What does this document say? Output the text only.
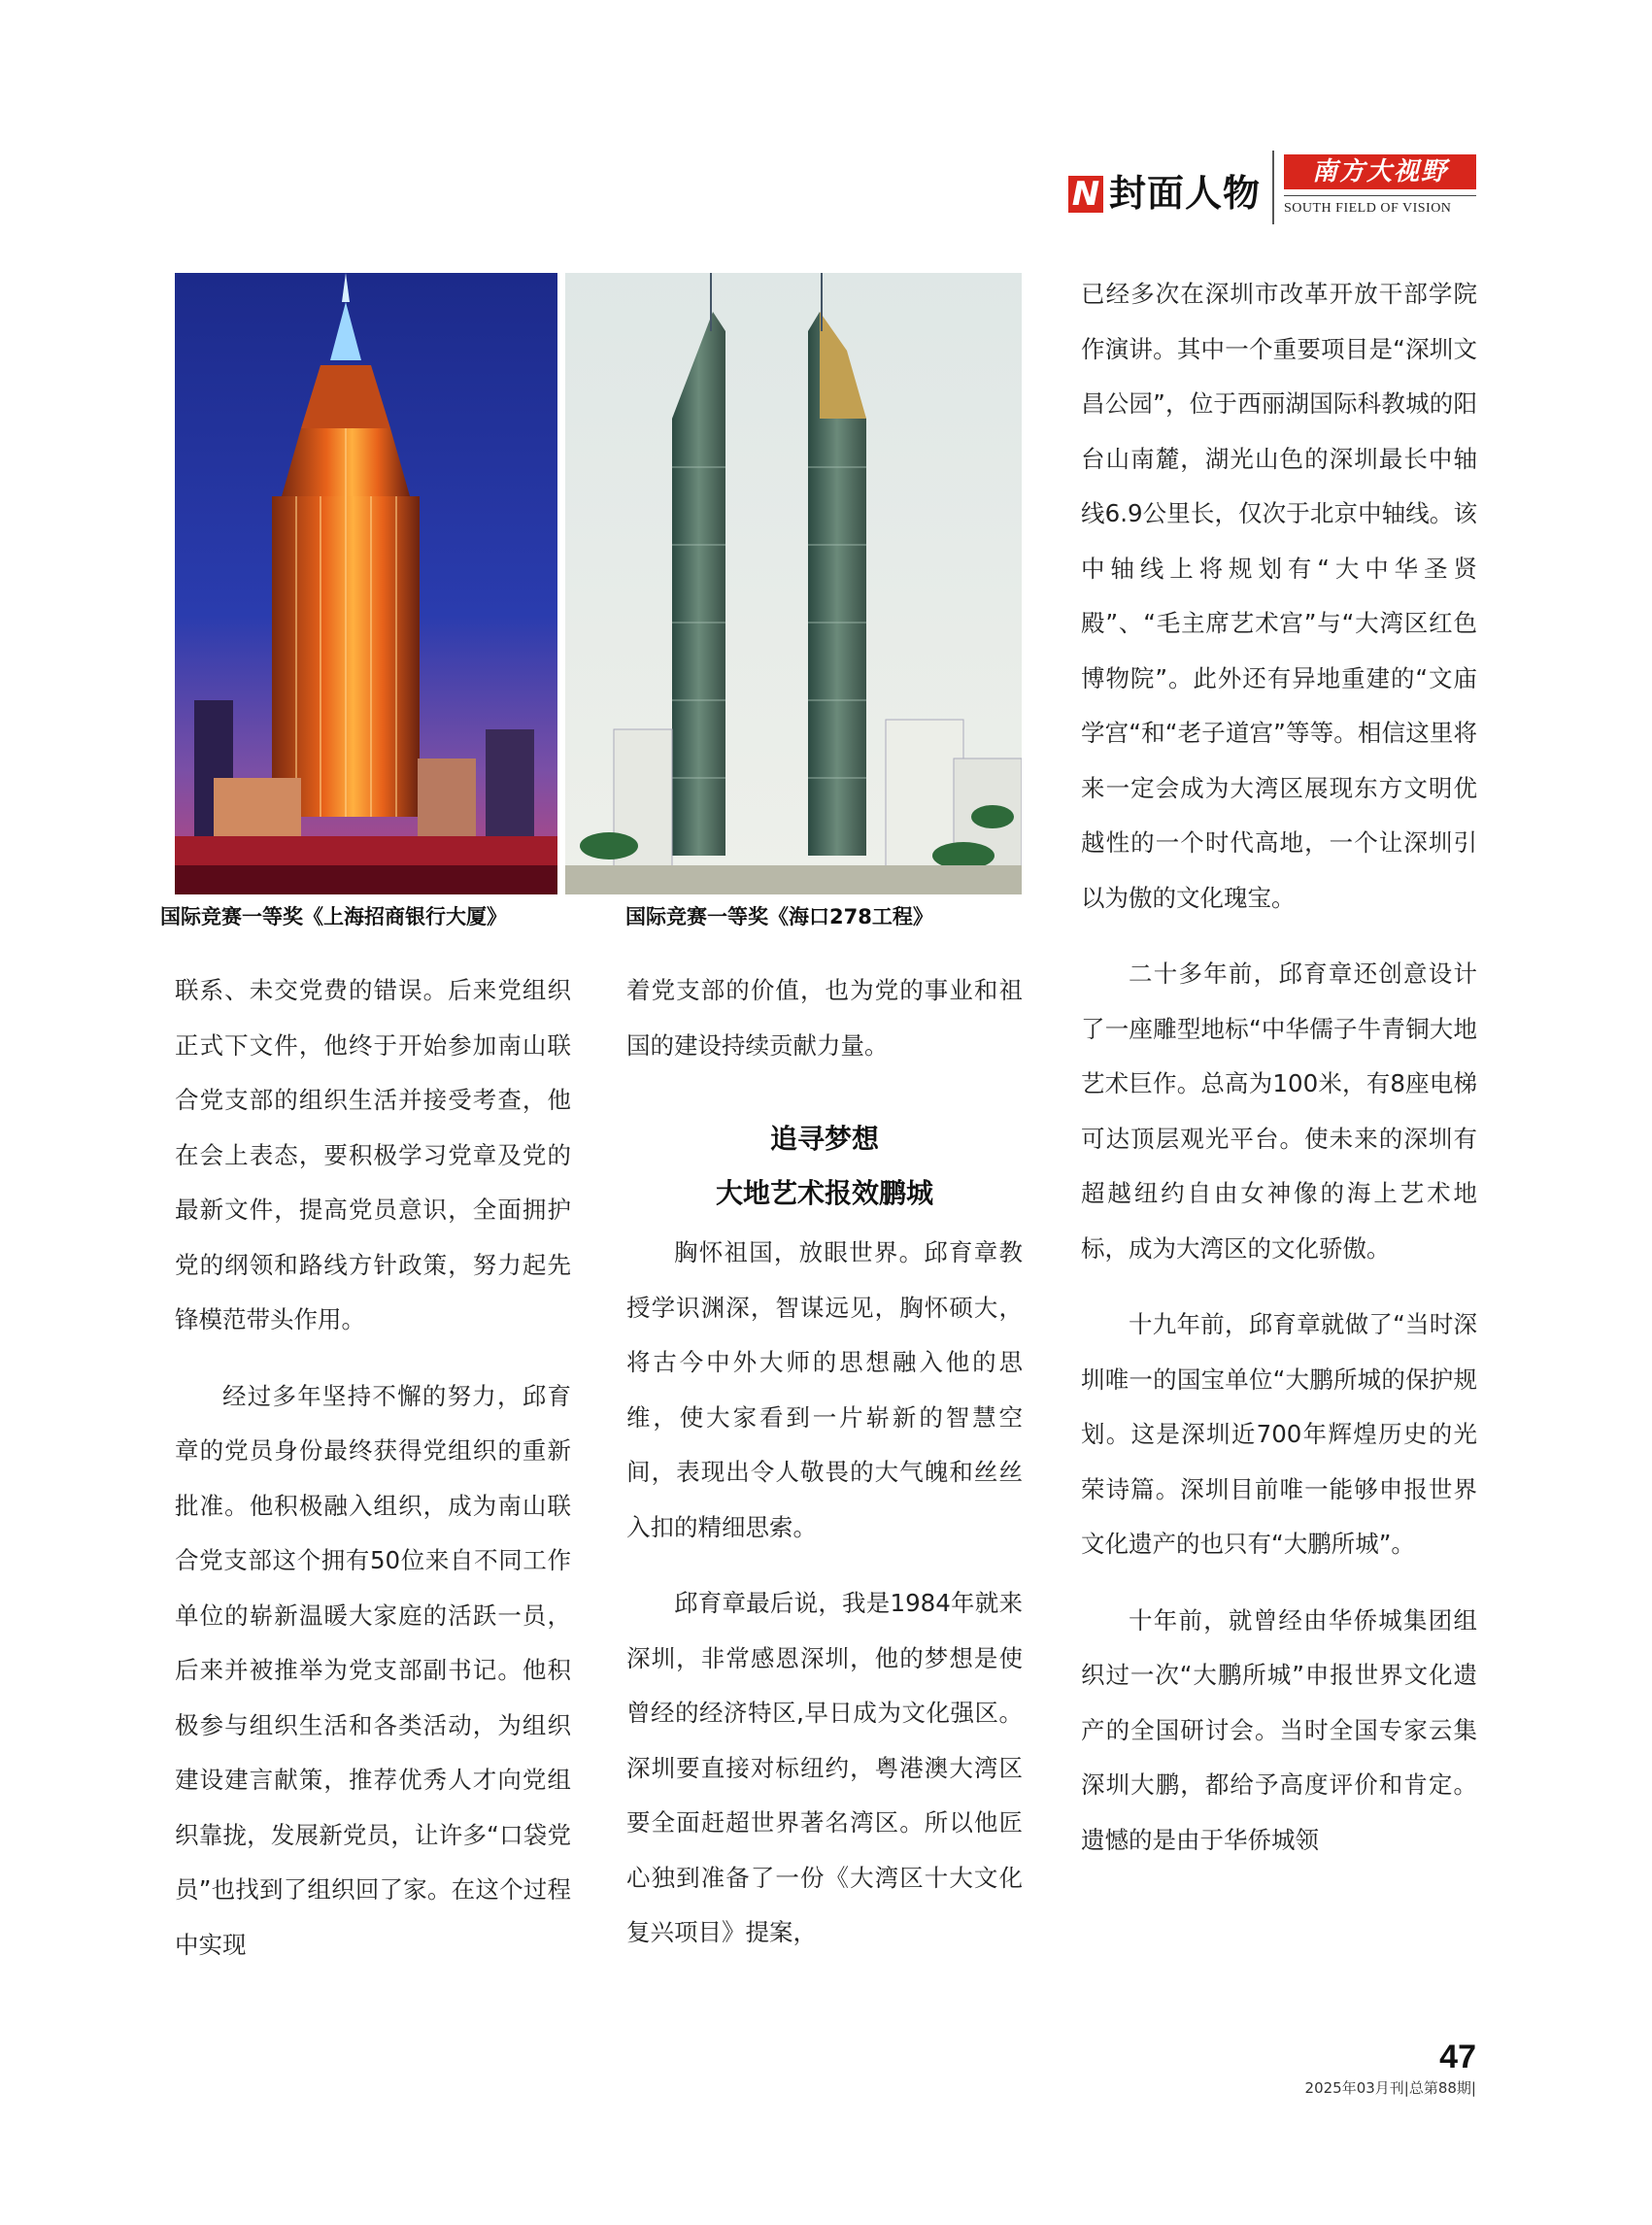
N 封面人物	南方大视野
SOUTH FIELD OF VISION
国际竞赛一等奖《上海招商银行大厦》	国际竞赛一等奖《海口278工程》

联系、未交党费的错误。后来党组织正式下文件，他终于开始参加南山联合党支部的组织生活并接受考查，他在会上表态，要积极学习党章及党的最新文件，提高党员意识，全面拥护党的纲领和路线方针政策，努力起先锋模范带头作用。

经过多年坚持不懈的努力，邱育章的党员身份最终获得党组织的重新批准。他积极融入组织，成为南山联合党支部这个拥有50位来自不同工作单位的崭新温暖大家庭的活跃一员，后来并被推举为党支部副书记。他积极参与组织生活和各类活动，为组织建设建言献策，推荐优秀人才向党组织靠拢，发展新党员，让许多“口袋党员”也找到了组织回了家。在这个过程中实现

着党支部的价值，也为党的事业和祖国的建设持续贡献力量。

追寻梦想
大地艺术报效鹏城

胸怀祖国，放眼世界。邱育章教授学识渊深，智谋远见，胸怀硕大，将古今中外大师的思想融入他的思维，使大家看到一片崭新的智慧空间，表现出令人敬畏的大气魄和丝丝入扣的精细思索。

邱育章最后说，我是1984年就来深圳，非常感恩深圳，他的梦想是使曾经的经济特区,早日成为文化强区。深圳要直接对标纽约，粤港澳大湾区要全面赶超世界著名湾区。所以他匠心独到准备了一份《大湾区十大文化复兴项目》提案，

已经多次在深圳市改革开放干部学院作演讲。其中一个重要项目是“深圳文昌公园”，位于西丽湖国际科教城的阳台山南麓，湖光山色的深圳最长中轴线6.9公里长，仅次于北京中轴线。该中轴线上将规划有“大中华圣贤殿”、“毛主席艺术宫”与“大湾区红色博物院”。此外还有异地重建的“文庙学宫“和“老子道宫”等等。相信这里将来一定会成为大湾区展现东方文明优越性的一个时代高地，一个让深圳引以为傲的文化瑰宝。

二十多年前，邱育章还创意设计了一座雕型地标“中华儒子牛青铜大地艺术巨作。总高为100米，有8座电梯可达顶层观光平台。使未来的深圳有超越纽约自由女神像的海上艺术地标，成为大湾区的文化骄傲。

十九年前，邱育章就做了“当时深圳唯一的国宝单位“大鹏所城的保护规划。这是深圳近700年辉煌历史的光荣诗篇。深圳目前唯一能够申报世界文化遗产的也只有“大鹏所城”。

十年前，就曾经由华侨城集团组织过一次“大鹏所城”申报世界文化遗产的全国研讨会。当时全国专家云集深圳大鹏，都给予高度评价和肯定。遗憾的是由于华侨城领

47
2025年03月刊|总第88期|
